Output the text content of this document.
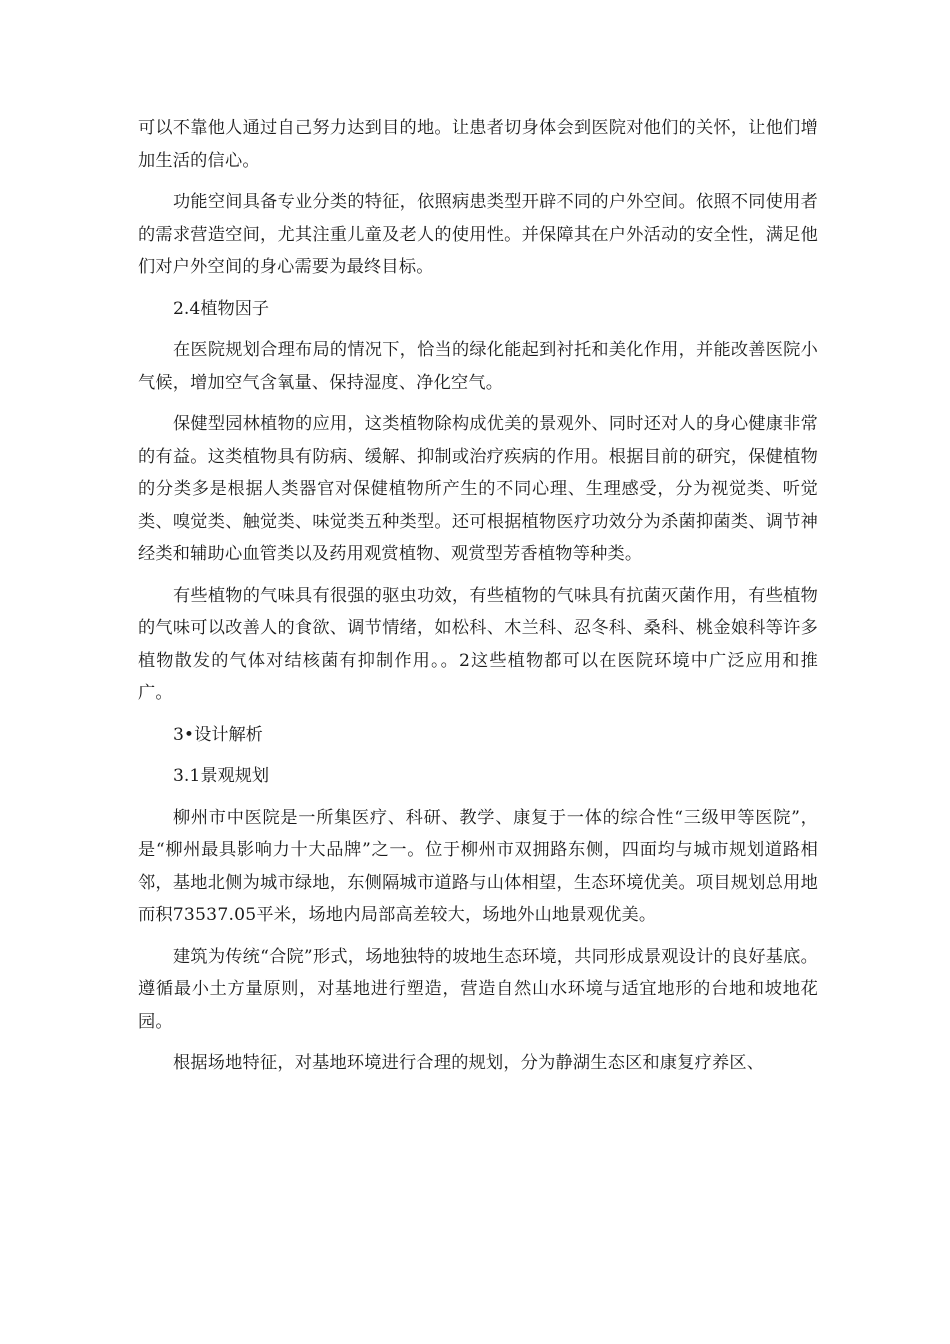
可以不靠他人通过自己努力达到目的地。让患者切身体会到医院对他们的关怀，让他们增加生活的信心。

功能空间具备专业分类的特征，依照病患类型开辟不同的户外空间。依照不同使用者的需求营造空间，尤其注重儿童及老人的使用性。并保障其在户外活动的安全性，满足他们对户外空间的身心需要为最终目标。

2.4植物因子

在医院规划合理布局的情况下，恰当的绿化能起到衬托和美化作用，并能改善医院小气候，增加空气含氧量、保持湿度、净化空气。

保健型园林植物的应用，这类植物除构成优美的景观外、同时还对人的身心健康非常的有益。这类植物具有防病、缓解、抑制或治疗疾病的作用。根据目前的研究，保健植物的分类多是根据人类器官对保健植物所产生的不同心理、生理感受，分为视觉类、听觉类、嗅觉类、触觉类、味觉类五种类型。还可根据植物医疗功效分为杀菌抑菌类、调节神经类和辅助心血管类以及药用观赏植物、观赏型芳香植物等种类。

有些植物的气味具有很强的驱虫功效，有些植物的气味具有抗菌灭菌作用，有些植物的气味可以改善人的食欲、调节情绪，如松科、木兰科、忍冬科、桑科、桃金娘科等许多植物散发的气体对结核菌有抑制作用。。2这些植物都可以在医院环境中广泛应用和推广。

3•设计解析

3.1景观规划

柳州市中医院是一所集医疗、科研、教学、康复于一体的综合性“三级甲等医院”，是“柳州最具影响力十大品牌”之一。位于柳州市双拥路东侧，四面均与城市规划道路相邻，基地北侧为城市绿地，东侧隔城市道路与山体相望，生态环境优美。项目规划总用地而积73537.05平米，场地内局部高差较大，场地外山地景观优美。

建筑为传统“合院”形式，场地独特的坡地生态环境，共同形成景观设计的良好基底。遵循最小土方量原则，对基地进行塑造，营造自然山水环境与适宜地形的台地和坡地花园。

根据场地特征，对基地环境进行合理的规划，分为静湖生态区和康复疗养区、
